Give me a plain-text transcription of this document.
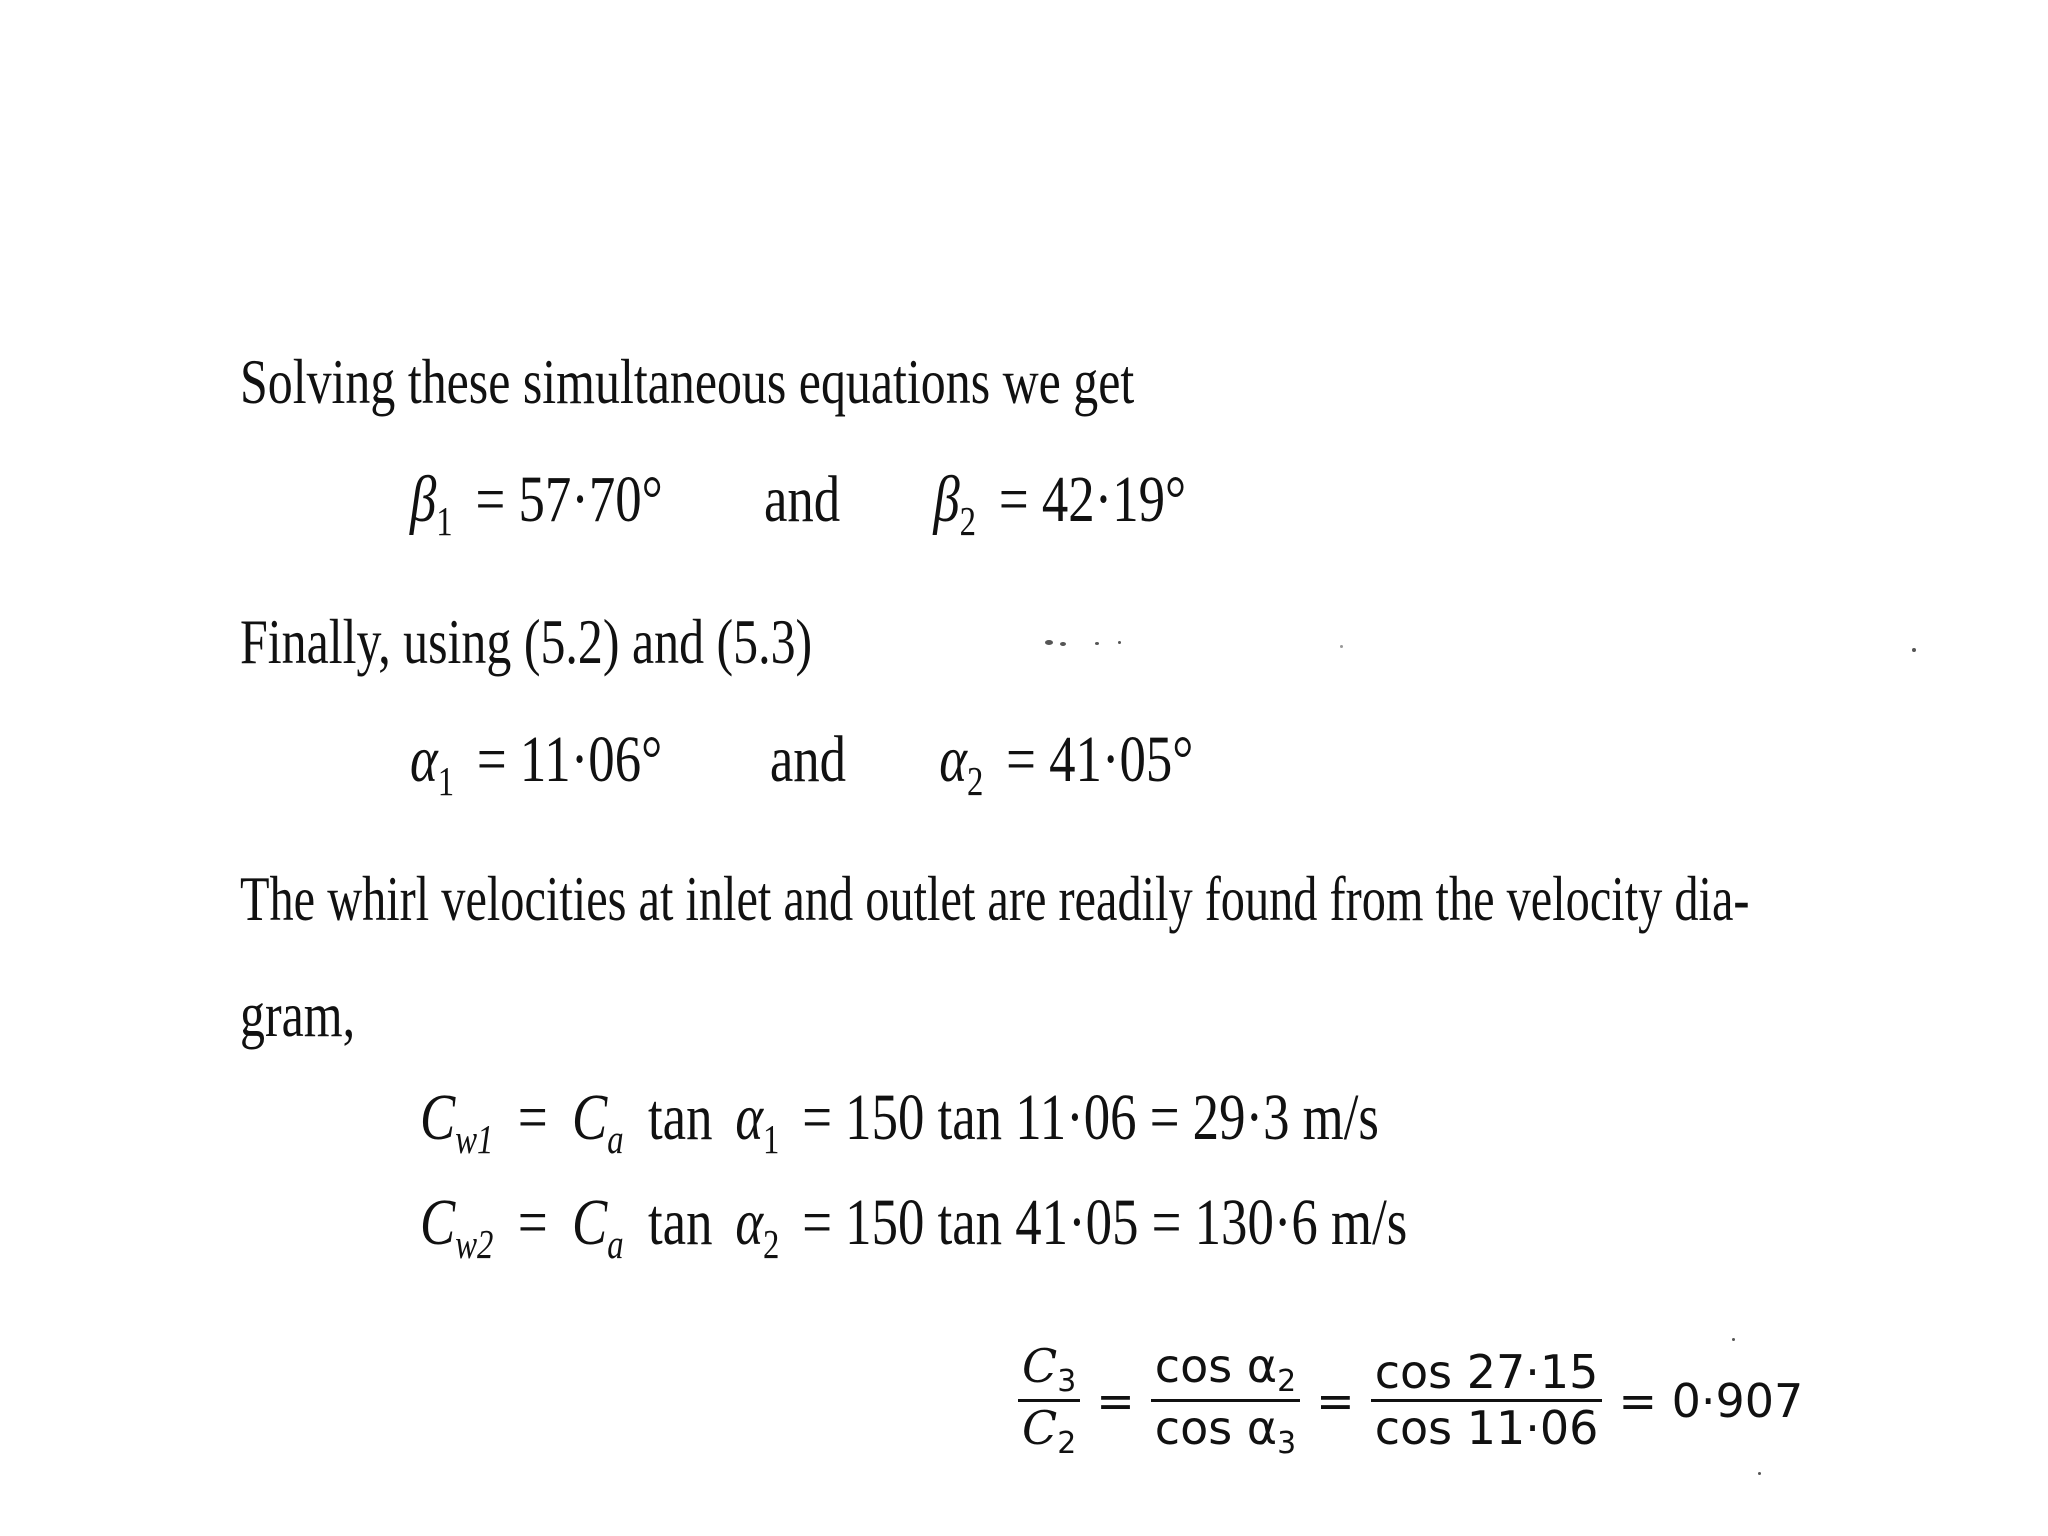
Solving these simultaneous equations we get
β1 = 57·70° and β2 = 42·19°
Finally, using (5.2) and (5.3)
α1 = 11·06° and α2 = 41·05°
The whirl velocities at inlet and outlet are readily found from the velocity dia-
gram,
Cw1 = Ca tan α1 = 150 tan 11·06 = 29·3 m/s
Cw2 = Ca tan α2 = 150 tan 41·05 = 130·6 m/s
$\frac{C_3}{C_2} = \frac{\cos \alpha_2}{\cos \alpha_3} = \frac{\cos 27\cdot 15}{\cos 11\cdot 06} = 0\cdot 907$
